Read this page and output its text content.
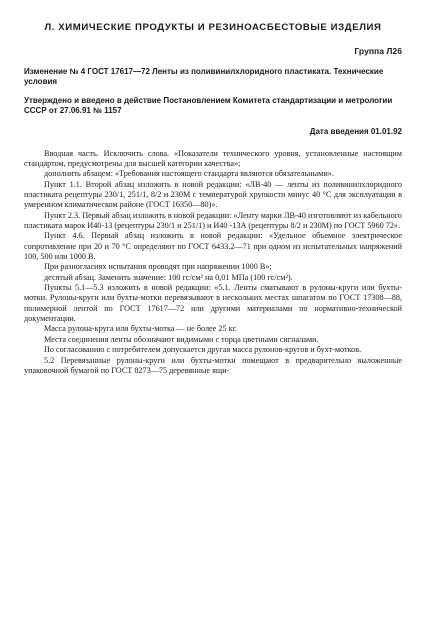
Л. ХИМИЧЕСКИЕ ПРОДУКТЫ И РЕЗИНОАСБЕСТОВЫЕ ИЗДЕЛИЯ
Группа Л26
Изменение № 4 ГОСТ 17617—72 Ленты из поливинилхлоридного пластиката. Технические условия
Утверждено и введено в действие Постановлением Комитета стандартизации и метрологии СССР от 27.06.91 № 1157
Дата введения 01.01.92

Вводная часть. Исключить слова. «Показатели технического уровня, установленные настоящим стандартом, предусмотрены для высшей категории качества»;

дополнить абзацем: «Требования настоящего стандарта являются обязательными».

Пункт 1.1. Второй абзац изложить в новой редакции: «ЛВ-40 — ленты из поливинилхлоридного пластиката рецептуры 230/1, 251/1, 8/2 и 230М с температурой хрупкости минус 40 °С для эксплуатации в умеренном климатическом районе (ГОСТ 16350—80)».

Пункт 2.3. Первый абзац изложить в новой редакции: «Ленту марки ЛВ-40 изготовляют из кабельного пластиката марок И40-13 (рецептуры 230/1 и 251/1) и И40 -13А (рецептуры 8/2 и 230М) по ГОСТ 5960 72».

Пункт 4.6. Первый абзац изложить в новой редакции: «Удельное объемное электрическое сопротивление при 20 и 70 °С определяют по ГОСТ 6433.2—71 при одном из испытательных напряжений 100, 500 или 1000 В.

При разногласиях испытания проводят при напряжении 1000 В»;

десятый абзац. Заменить значение: 100 гс/см² на 0,01 МПа (100 гс/см²).

Пункты 5.1—5.3 изложить в новой редакции: «5.1. Ленты сматывают в рулоны-круги или бухты-мотки. Рулоны-круги или бухты-мотки перевязывают в нескольких местах шпагатом по ГОСТ 17308—88, полимерной лентой по ГОСТ 17617—72 или другими материалами по нормативно-технической документации.

Масса рулона-круга или бухты-мотка — не более 25 кг.

Места соединения ленты обозначают видимыми с торца цветными сигналами.

По согласованию с потребителем допускается другая масса рулонов-кругов и бухт-мотков.

5.2 Перевязанные рулоны-круги или бухты-мотки помещают в предварительно выложенные упаковочной бумагой по ГОСТ 8273—75 деревянные ящи-
